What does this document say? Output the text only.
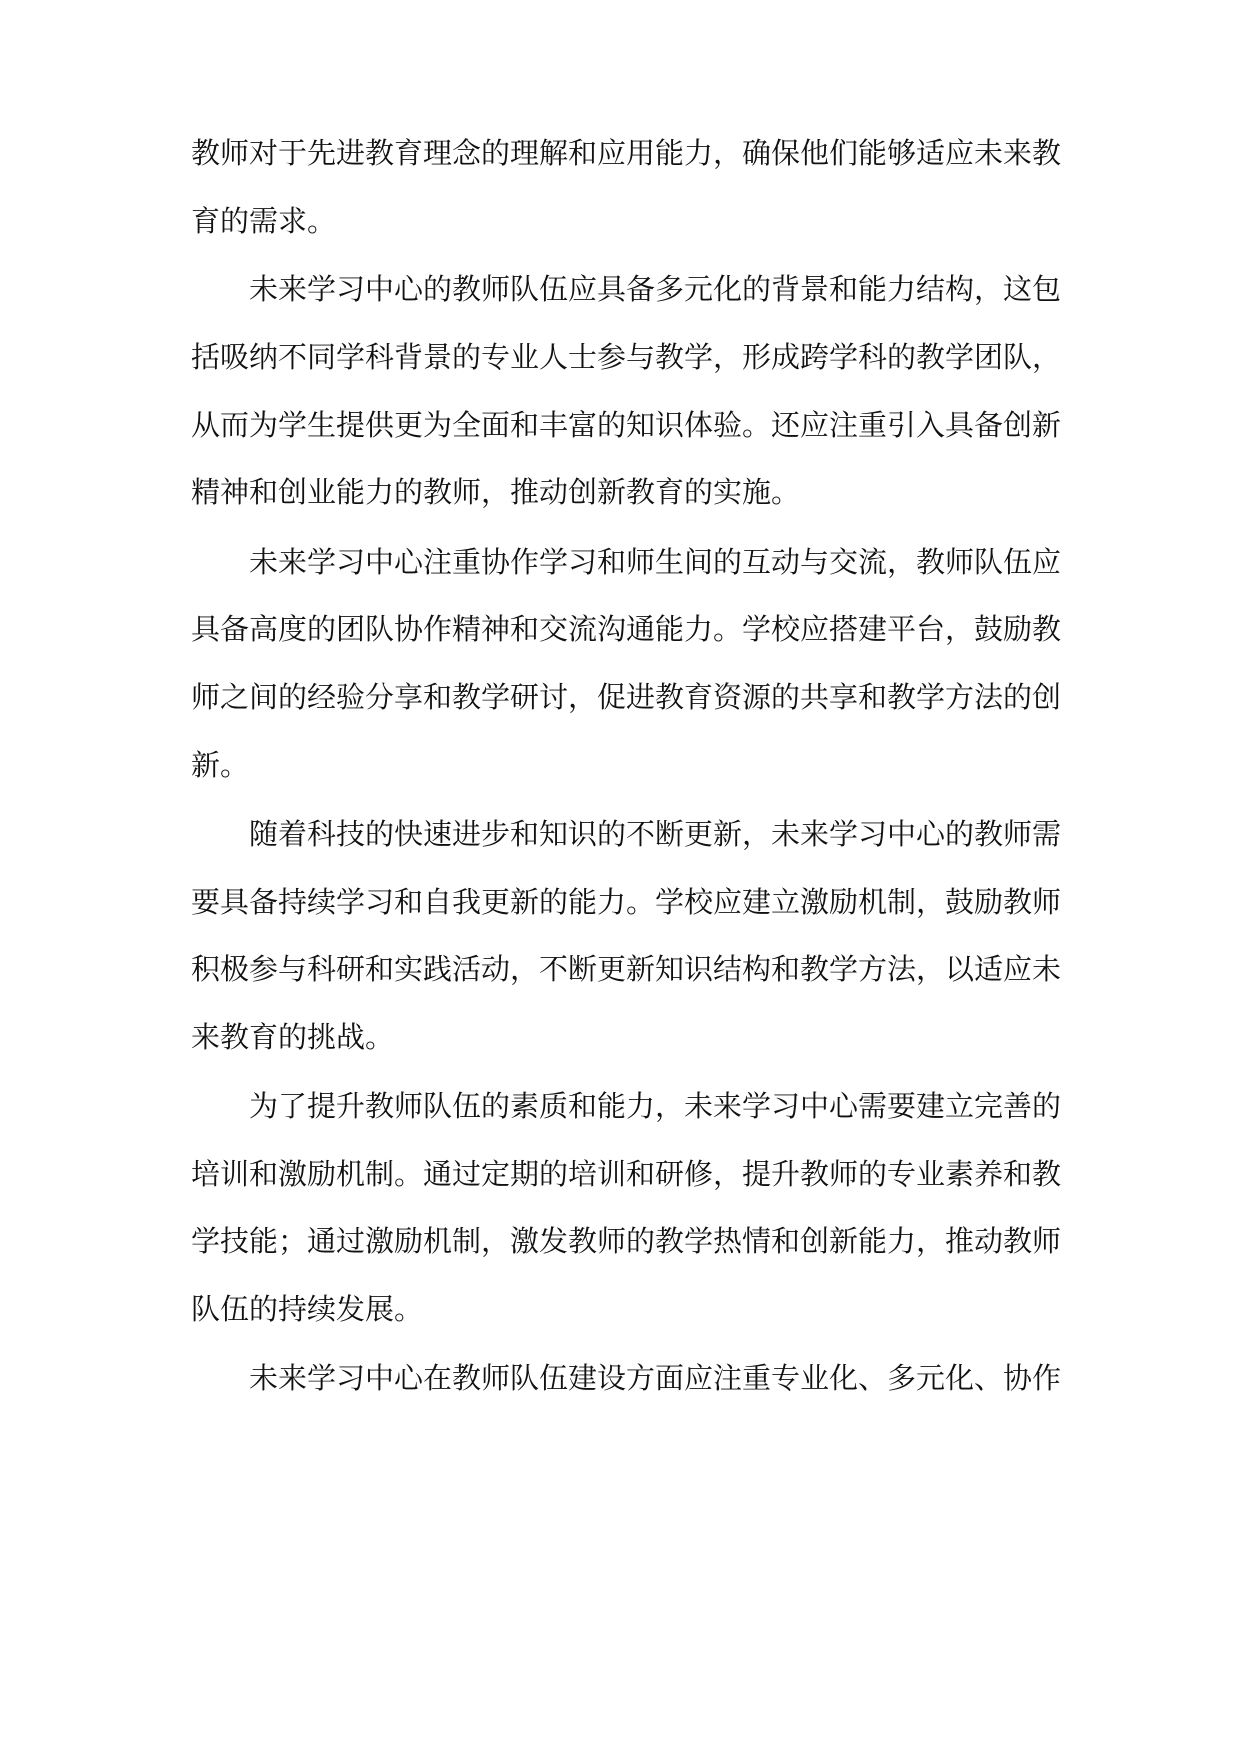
教师对于先进教育理念的理解和应用能力，确保他们能够适应未来教
育的需求。
未来学习中心的教师队伍应具备多元化的背景和能力结构，这包
括吸纳不同学科背景的专业人士参与教学，形成跨学科的教学团队，
从而为学生提供更为全面和丰富的知识体验。还应注重引入具备创新
精神和创业能力的教师，推动创新教育的实施。
未来学习中心注重协作学习和师生间的互动与交流，教师队伍应
具备高度的团队协作精神和交流沟通能力。学校应搭建平台，鼓励教
师之间的经验分享和教学研讨，促进教育资源的共享和教学方法的创
新。
随着科技的快速进步和知识的不断更新，未来学习中心的教师需
要具备持续学习和自我更新的能力。学校应建立激励机制，鼓励教师
积极参与科研和实践活动，不断更新知识结构和教学方法，以适应未
来教育的挑战。
为了提升教师队伍的素质和能力，未来学习中心需要建立完善的
培训和激励机制。通过定期的培训和研修，提升教师的专业素养和教
学技能；通过激励机制，激发教师的教学热情和创新能力，推动教师
队伍的持续发展。
未来学习中心在教师队伍建设方面应注重专业化、多元化、协作
